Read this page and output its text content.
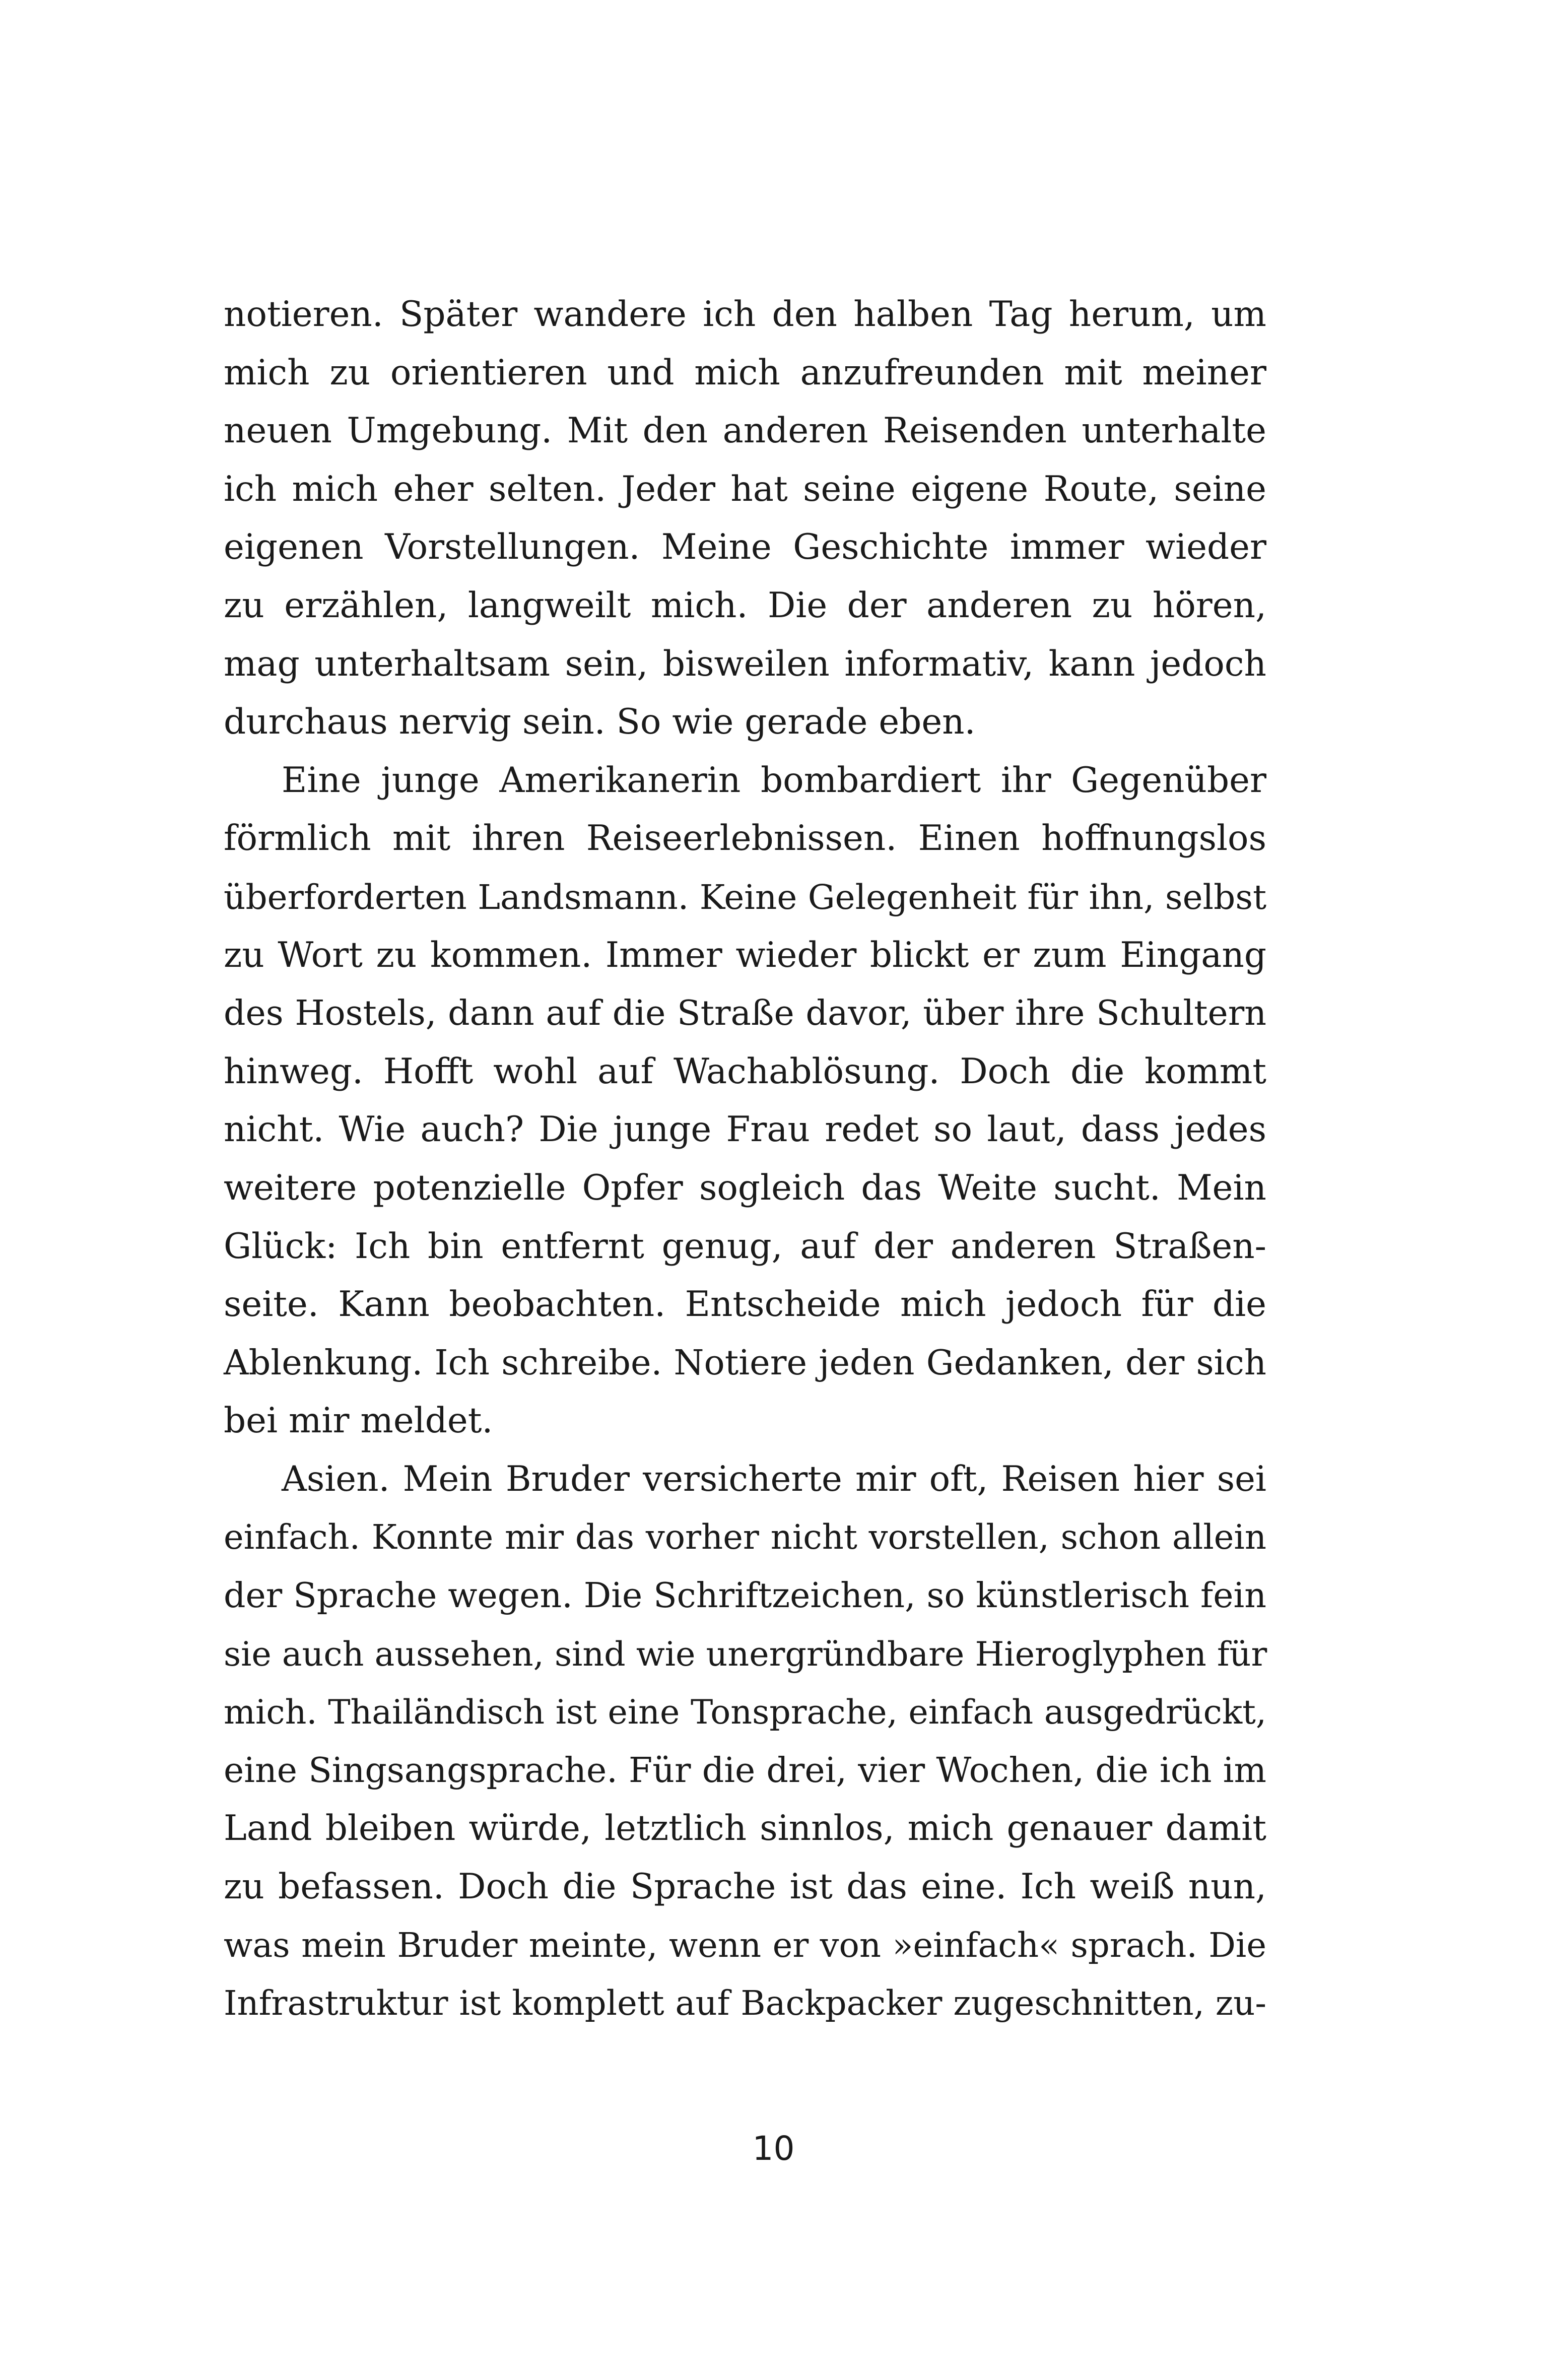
notieren. Später wandere ich den halben Tag herum, um
mich zu orientieren und mich anzufreunden mit meiner
neuen Umgebung. Mit den anderen Reisenden unterhalte
ich mich eher selten. Jeder hat seine eigene Route, seine
eigenen Vorstellungen. Meine Geschichte immer wieder
zu erzählen, langweilt mich. Die der anderen zu hören,
mag unterhaltsam sein, bisweilen informativ, kann jedoch
durchaus nervig sein. So wie gerade eben.
Eine junge Amerikanerin bombardiert ihr Gegenüber
förmlich mit ihren Reiseerlebnissen. Einen hoffnungslos
überforderten Landsmann. Keine Gelegenheit für ihn, selbst
zu Wort zu kommen. Immer wieder blickt er zum Eingang
des Hostels, dann auf die Straße davor, über ihre Schultern
hinweg. Hofft wohl auf Wachablösung. Doch die kommt
nicht. Wie auch? Die junge Frau redet so laut, dass jedes
weitere potenzielle Opfer sogleich das Weite sucht. Mein
Glück: Ich bin entfernt genug, auf der anderen Straßen-
seite. Kann beobachten. Entscheide mich jedoch für die
Ablenkung. Ich schreibe. Notiere jeden Gedanken, der sich
bei mir meldet.
Asien. Mein Bruder versicherte mir oft, Reisen hier sei
einfach. Konnte mir das vorher nicht vorstellen, schon allein
der Sprache wegen. Die Schriftzeichen, so künstlerisch fein
sie auch aussehen, sind wie unergründbare Hieroglyphen für
mich. Thailändisch ist eine Tonsprache, einfach ausgedrückt,
eine Singsangsprache. Für die drei, vier Wochen, die ich im
Land bleiben würde, letztlich sinnlos, mich genauer damit
zu befassen. Doch die Sprache ist das eine. Ich weiß nun,
was mein Bruder meinte, wenn er von »einfach« sprach. Die
Infrastruktur ist komplett auf Backpacker zugeschnitten, zu-
10
